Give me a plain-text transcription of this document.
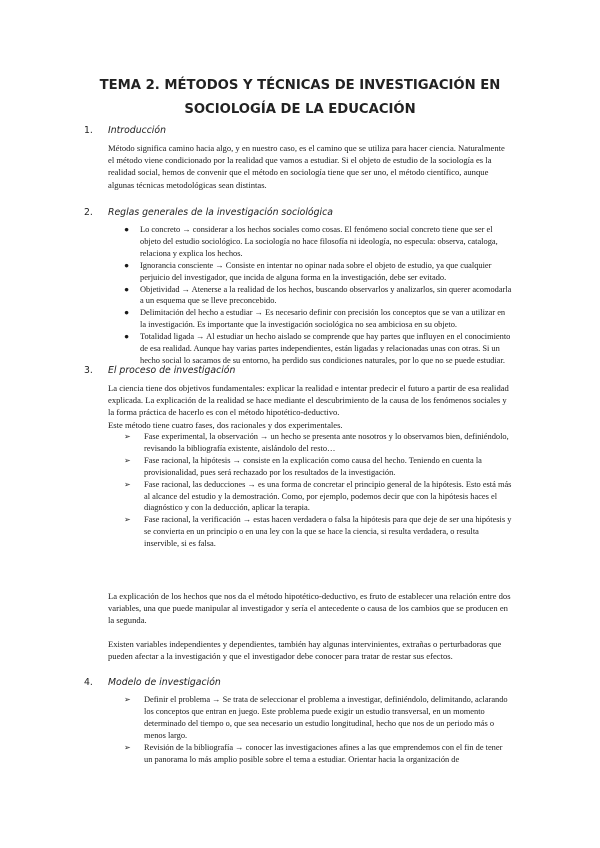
TEMA 2. MÉTODOS Y TÉCNICAS DE INVESTIGACIÓN EN SOCIOLOGÍA DE LA EDUCACIÓN
1. Introducción

Método significa camino hacia algo, y en nuestro caso, es el camino que se utiliza para hacer ciencia. Naturalmente el método viene condicionado por la realidad que vamos a estudiar. Si el objeto de estudio de la sociología es la realidad social, hemos de convenir que el método en sociología tiene que ser uno, el método científico, aunque algunas técnicas metodológicas sean distintas.

2. Reglas generales de la investigación sociológica
● Lo concreto → considerar a los hechos sociales como cosas. El fenómeno social concreto tiene que ser el objeto del estudio sociológico. La sociología no hace filosofía ni ideología, no especula: observa, cataloga, relaciona y explica los hechos.
● Ignorancia consciente → Consiste en intentar no opinar nada sobre el objeto de estudio, ya que cualquier perjuicio del investigador, que incida de alguna forma en la investigación, debe ser evitado.
● Objetividad → Atenerse a la realidad de los hechos, buscando observarlos y analizarlos, sin querer acomodarla a un esquema que se lleve preconcebido.
● Delimitación del hecho a estudiar → Es necesario definir con precisión los conceptos que se van a utilizar en la investigación. Es importante que la investigación sociológica no sea ambiciosa en su objeto.
● Totalidad ligada → Al estudiar un hecho aislado se comprende que hay partes que influyen en el conocimiento de esa realidad. Aunque hay varias partes independientes, están ligadas y relacionadas unas con otras. Si un hecho social lo sacamos de su entorno, ha perdido sus condiciones naturales, por lo que no se puede estudiar.
3. El proceso de investigación

La ciencia tiene dos objetivos fundamentales: explicar la realidad e intentar predecir el futuro a partir de esa realidad explicada. La explicación de la realidad se hace mediante el descubrimiento de la causa de los fenómenos sociales y la forma práctica de hacerlo es con el método hipotético-deductivo.

Este método tiene cuatro fases, dos racionales y dos experimentales.

➢ Fase experimental, la observación → un hecho se presenta ante nosotros y lo observamos bien, definiéndolo, revisando la bibliografía existente, aislándolo del resto…
➢ Fase racional, la hipótesis → consiste en la explicación como causa del hecho. Teniendo en cuenta la provisionalidad, pues será rechazado por los resultados de la investigación.
➢ Fase racional, las deducciones → es una forma de concretar el principio general de la hipótesis. Esto está más al alcance del estudio y la demostración. Como, por ejemplo, podemos decir que con la hipótesis haces el diagnóstico y con la deducción, aplicar la terapia.
➢ Fase racional, la verificación → estas hacen verdadera o falsa la hipótesis para que deje de ser una hipótesis y se convierta en un principio o en una ley con la que se hace la ciencia, si resulta verdadera, o resulta inservible, si es falsa.

La explicación de los hechos que nos da el método hipotético-deductivo, es fruto de establecer una relación entre dos variables, una que puede manipular al investigador y sería el antecedente o causa de los cambios que se producen en la segunda.

Existen variables independientes y dependientes, también hay algunas intervinientes, extrañas o perturbadoras que pueden afectar a la investigación y que el investigador debe conocer para tratar de restar sus efectos.

4. Modelo de investigación
➢ Definir el problema → Se trata de seleccionar el problema a investigar, definiéndolo, delimitando, aclarando los conceptos que entran en juego. Este problema puede exigir un estudio transversal, en un momento determinado del tiempo o, que sea necesario un estudio longitudinal, hecho que nos de un periodo más o menos largo.
➢ Revisión de la bibliografía → conocer las investigaciones afines a las que emprendemos con el fin de tener un panorama lo más amplio posible sobre el tema a estudiar. Orientar hacia la organización de
